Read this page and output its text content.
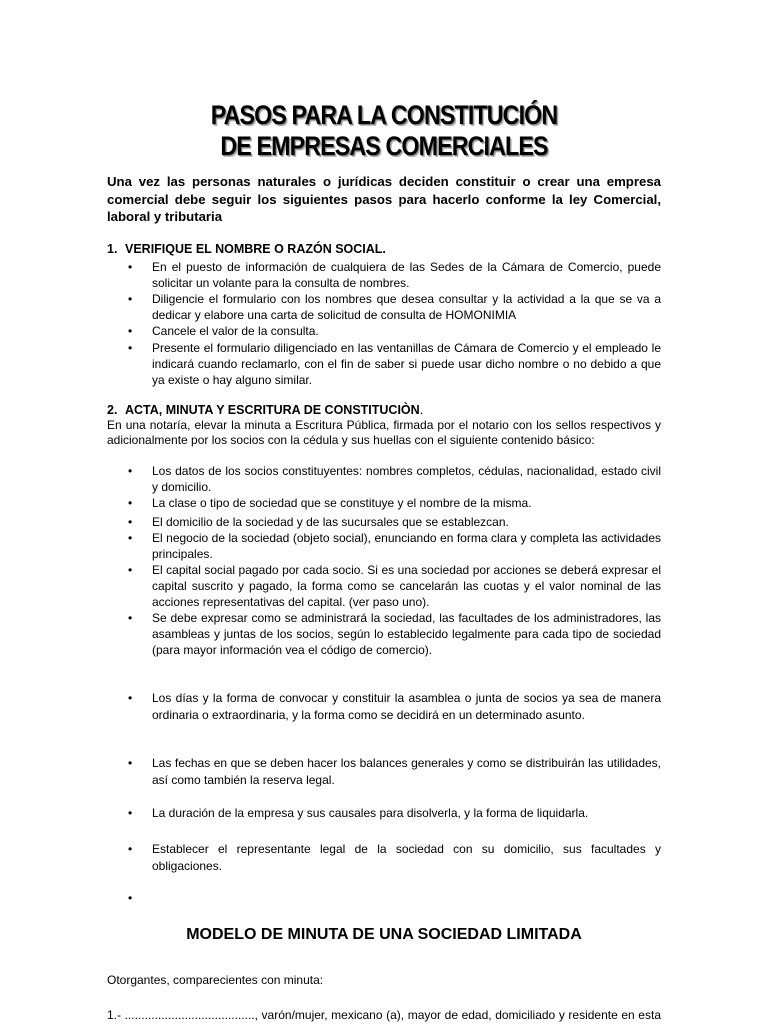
PASOS PARA LA CONSTITUCIÓN
DE EMPRESAS COMERCIALES
Una vez las personas naturales o jurídicas deciden constituir o crear una empresa comercial debe seguir los siguientes pasos para hacerlo conforme la ley Comercial, laboral y tributaria
1. VERIFIQUE EL NOMBRE O RAZÓN SOCIAL.
• En el puesto de información de cualquiera de las Sedes de la Cámara de Comercio, puede solicitar un volante para la consulta de nombres.
• Diligencie el formulario con los nombres que desea consultar y la actividad a la que se va a dedicar y elabore una carta de solicitud de consulta de HOMONIMIA
• Cancele el valor de la consulta.
• Presente el formulario diligenciado en las ventanillas de Cámara de Comercio y el empleado le indicará cuando reclamarlo, con el fin de saber si puede usar dicho nombre o no debido a que ya existe o hay alguno similar.
2. ACTA, MINUTA Y ESCRITURA DE CONSTITUCIÒN.
En una notaría, elevar la minuta a Escritura Pública, firmada por el notario con los sellos respectivos y adicionalmente por los socios con la cédula y sus huellas con el siguiente contenido básico:
• Los datos de los socios constituyentes: nombres completos, cédulas, nacionalidad, estado civil y domicilio.
• La clase o tipo de sociedad que se constituye y el nombre de la misma.
• El domicilio de la sociedad y de las sucursales que se establezcan.
• El negocio de la sociedad (objeto social), enunciando en forma clara y completa las actividades principales.
• El capital social pagado por cada socio. Si es una sociedad por acciones se deberá expresar el capital suscrito y pagado, la forma como se cancelarán las cuotas y el valor nominal de las acciones representativas del capital. (ver paso uno).
• Se debe expresar como se administrará la sociedad, las facultades de los administradores, las asambleas y juntas de los socios, según lo establecido legalmente para cada tipo de sociedad (para mayor información vea el código de comercio).
• Los días y la forma de convocar y constituir la asamblea o junta de socios ya sea de manera ordinaria o extraordinaria, y la forma como se decidirá en un determinado asunto.
• Las fechas en que se deben hacer los balances generales y como se distribuirán las utilidades, así como también la reserva legal.
• La duración de la empresa y sus causales para disolverla, y la forma de liquidarla.
• Establecer el representante legal de la sociedad con su domicilio, sus facultades y obligaciones.
•
MODELO DE MINUTA DE UNA SOCIEDAD LIMITADA
Otorgantes, comparecientes con minuta:
1.- ......................................., varón/mujer, mexicano (a), mayor de edad, domiciliado y residente en esta
